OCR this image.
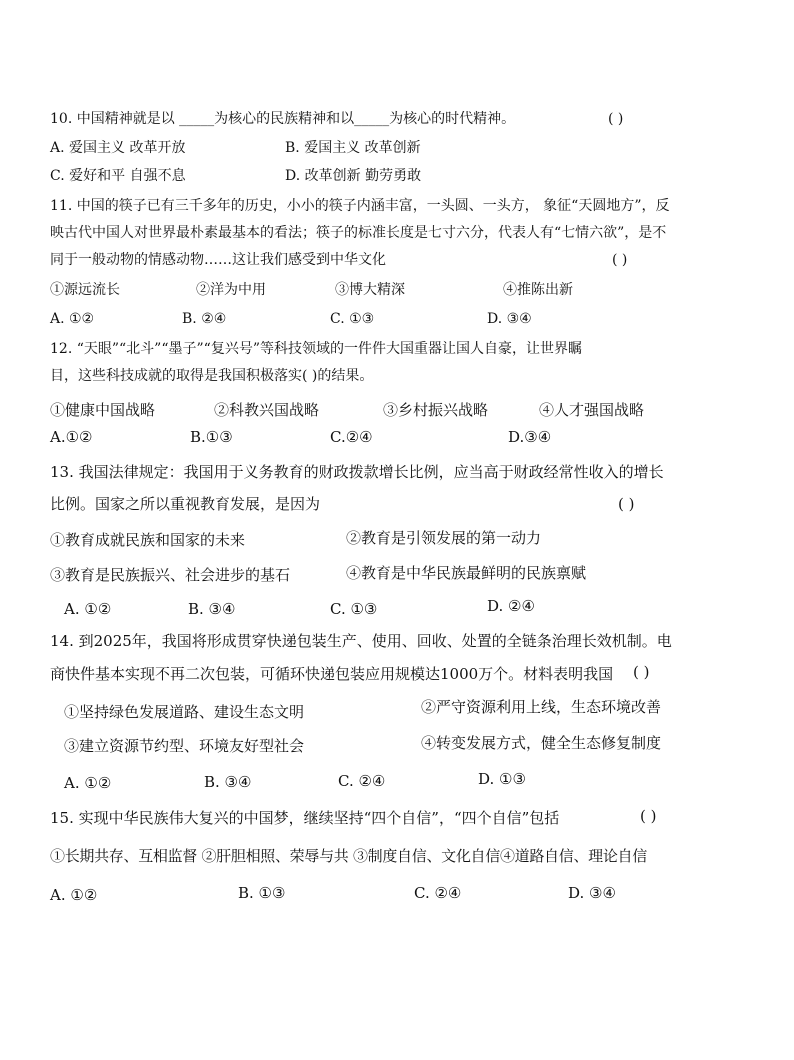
10. 中国精神就是以 _____为核心的民族精神和以_____为核心的时代精神。	( )
A. 爱国主义 改革开放	B. 爱国主义 改革创新
C. 爱好和平 自强不息	D. 改革创新 勤劳勇敢
11. 中国的筷子已有三千多年的历史，小小的筷子内涵丰富，一头圆、一头方， 象征“天圆地方”，反
映古代中国人对世界最朴素最基本的看法；筷子的标准长度是七寸六分，代表人有“七情六欲”，是不
同于一般动物的情感动物……这让我们感受到中华文化	( )
①源远流长	②洋为中用	③博大精深	④推陈出新
A. ①②	B. ②④	C. ①③	D. ③④
12. “天眼”“北斗”“墨子”“复兴号”等科技领域的一件件大国重器让国人自豪，让世界瞩
目，这些科技成就的取得是我国积极落实( )的结果。
①健康中国战略	②科教兴国战略	③乡村振兴战略	④人才强国战略
A.①②	B.①③	C.②④	D.③④
13. 我国法律规定：我国用于义务教育的财政拨款增长比例，应当高于财政经常性收入的增长
比例。国家之所以重视教育发展，是因为	( )
①教育成就民族和国家的未来	②教育是引领发展的第一动力
③教育是民族振兴、社会进步的基石	④教育是中华民族最鲜明的民族禀赋
A. ①②	B. ③④	C. ①③	D. ②④
14. 到2025年，我国将形成贯穿快递包装生产、使用、回收、处置的全链条治理长效机制。电
商快件基本实现不再二次包装，可循环快递包装应用规模达1000万个。材料表明我国 ( )
①坚持绿色发展道路、建设生态文明	②严守资源利用上线，生态环境改善
③建立资源节约型、环境友好型社会	④转变发展方式，健全生态修复制度
A. ①②	B. ③④	C. ②④	D. ①③
15. 实现中华民族伟大复兴的中国梦，继续坚持“四个自信”，“四个自信”包括	( )
①长期共存、互相监督 ②肝胆相照、荣辱与共 ③制度自信、文化自信④道路自信、理论自信
A. ①②	B. ①③	C. ②④	D. ③④
